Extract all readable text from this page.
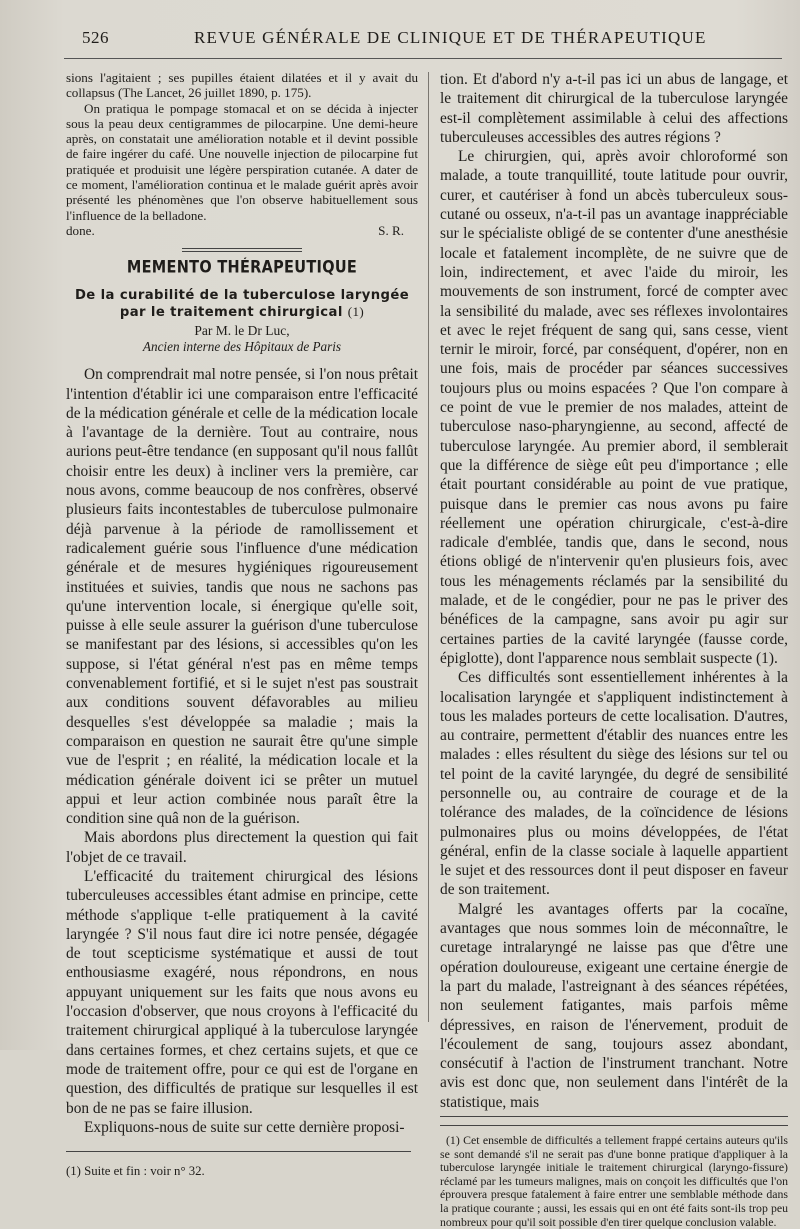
526	REVUE GÉNÉRALE DE CLINIQUE ET DE THÉRAPEUTIQUE

sions l'agitaient ; ses pupilles étaient dilatées et il y avait du collapsus (The Lancet, 26 juillet 1890, p. 175).

On pratiqua le pompage stomacal et on se décida à injecter sous la peau deux centigrammes de pilocarpine. Une demi-heure après, on constatait une amélioration notable et il devint possible de faire ingérer du café. Une nouvelle injection de pilocarpine fut pratiquée et produisit une légère perspiration cutanée. A dater de ce moment, l'amélioration continua et le malade guérit après avoir présenté les phénomènes que l'on observe habituellement sous l'influence de la belladone.

done.	S. R.
MEMENTO THÉRAPEUTIQUE
De la curabilité de la tuberculose laryngée par le traitement chirurgical (1)
Par M. le Dr Luc,
Ancien interne des Hôpitaux de Paris

On comprendrait mal notre pensée, si l'on nous prêtait l'intention d'établir ici une comparaison entre l'efficacité de la médication générale et celle de la médication locale à l'avantage de la dernière. Tout au contraire, nous aurions peut-être tendance (en supposant qu'il nous fallût choisir entre les deux) à incliner vers la première, car nous avons, comme beaucoup de nos confrères, observé plusieurs faits incontestables de tuberculose pulmonaire déjà parvenue à la période de ramollissement et radicalement guérie sous l'influence d'une médication générale et de mesures hygiéniques rigoureusement instituées et suivies, tandis que nous ne sachons pas qu'une intervention locale, si énergique qu'elle soit, puisse à elle seule assurer la guérison d'une tuberculose se manifestant par des lésions, si accessibles qu'on les suppose, si l'état général n'est pas en même temps convenablement fortifié, et si le sujet n'est pas soustrait aux conditions souvent défavorables au milieu desquelles s'est développée sa maladie ; mais la comparaison en question ne saurait être qu'une simple vue de l'esprit ; en réalité, la médication locale et la médication générale doivent ici se prêter un mutuel appui et leur action combinée nous paraît être la condition sine quâ non de la guérison.

Mais abordons plus directement la question qui fait l'objet de ce travail.

L'efficacité du traitement chirurgical des lésions tuberculeuses accessibles étant admise en principe, cette méthode s'applique t-elle pratiquement à la cavité laryngée ? S'il nous faut dire ici notre pensée, dégagée de tout scepticisme systématique et aussi de tout enthousiasme exagéré, nous répondrons, en nous appuyant uniquement sur les faits que nous avons eu l'occasion d'observer, que nous croyons à l'efficacité du traitement chirurgical appliqué à la tuberculose laryngée dans certaines formes, et chez certains sujets, et que ce mode de traitement offre, pour ce qui est de l'organe en question, des difficultés de pratique sur lesquelles il est bon de ne pas se faire illusion.

Expliquons-nous de suite sur cette dernière proposi-

(1) Suite et fin : voir n° 32.

tion. Et d'abord n'y a-t-il pas ici un abus de langage, et le traitement dit chirurgical de la tuberculose laryngée est-il complètement assimilable à celui des affections tuberculeuses accessibles des autres régions ?

Le chirurgien, qui, après avoir chloroformé son malade, a toute tranquillité, toute latitude pour ouvrir, curer, et cautériser à fond un abcès tuberculeux sous-cutané ou osseux, n'a-t-il pas un avantage inappréciable sur le spécialiste obligé de se contenter d'une anesthésie locale et fatalement incomplète, de ne suivre que de loin, indirectement, et avec l'aide du miroir, les mouvements de son instrument, forcé de compter avec la sensibilité du malade, avec ses réflexes involontaires et avec le rejet fréquent de sang qui, sans cesse, vient ternir le miroir, forcé, par conséquent, d'opérer, non en une fois, mais de procéder par séances successives toujours plus ou moins espacées ? Que l'on compare à ce point de vue le premier de nos malades, atteint de tuberculose naso-pharyngienne, au second, affecté de tuberculose laryngée. Au premier abord, il semblerait que la différence de siège eût peu d'importance ; elle était pourtant considérable au point de vue pratique, puisque dans le premier cas nous avons pu faire réellement une opération chirurgicale, c'est-à-dire radicale d'emblée, tandis que, dans le second, nous étions obligé de n'intervenir qu'en plusieurs fois, avec tous les ménagements réclamés par la sensibilité du malade, et de le congédier, pour ne pas le priver des bénéfices de la campagne, sans avoir pu agir sur certaines parties de la cavité laryngée (fausse corde, épiglotte), dont l'apparence nous semblait suspecte (1).

Ces difficultés sont essentiellement inhérentes à la localisation laryngée et s'appliquent indistinctement à tous les malades porteurs de cette localisation. D'autres, au contraire, permettent d'établir des nuances entre les malades : elles résultent du siège des lésions sur tel ou tel point de la cavité laryngée, du degré de sensibilité personnelle ou, au contraire de courage et de la tolérance des malades, de la coïncidence de lésions pulmonaires plus ou moins développées, de l'état général, enfin de la classe sociale à laquelle appartient le sujet et des ressources dont il peut disposer en faveur de son traitement.

Malgré les avantages offerts par la cocaïne, avantages que nous sommes loin de méconnaître, le curetage intralaryngé ne laisse pas que d'être une opération douloureuse, exigeant une certaine énergie de la part du malade, l'astreignant à des séances répétées, non seulement fatigantes, mais parfois même dépressives, en raison de l'énervement, produit de l'écoulement de sang, toujours assez abondant, consécutif à l'action de l'instrument tranchant. Notre avis est donc que, non seulement dans l'intérêt de la statistique, mais

(1) Cet ensemble de difficultés a tellement frappé certains auteurs qu'ils se sont demandé s'il ne serait pas d'une bonne pratique d'appliquer à la tuberculose laryngée initiale le traitement chirurgical (laryngo-fissure) réclamé par les tumeurs malignes, mais on conçoit les difficultés que l'on éprouvera presque fatalement à faire entrer une semblable méthode dans la pratique courante ; aussi, les essais qui en ont été faits sont-ils trop peu nombreux pour qu'il soit possible d'en tirer quelque conclusion valable.
